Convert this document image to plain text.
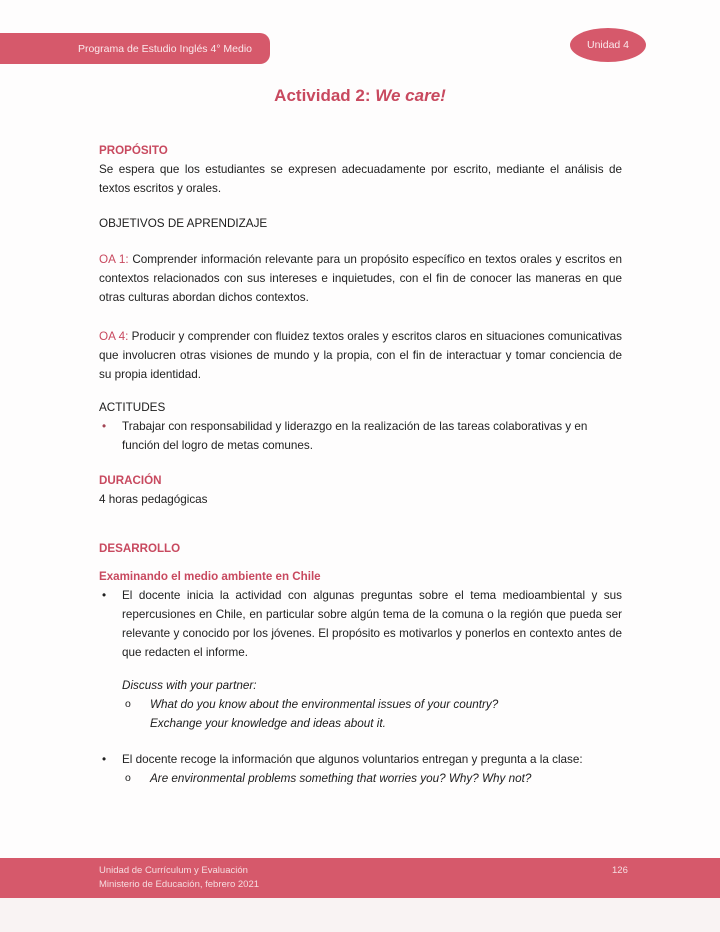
Programa de Estudio Inglés 4° Medio	Unidad 4
Actividad 2: We care!
PROPÓSITO

Se espera que los estudiantes se expresen adecuadamente por escrito, mediante el análisis de textos escritos y orales.

OBJETIVOS DE APRENDIZAJE

OA 1: Comprender información relevante para un propósito específico en textos orales y escritos en contextos relacionados con sus intereses e inquietudes, con el fin de conocer las maneras en que otras culturas abordan dichos contextos.

OA 4: Producir y comprender con fluidez textos orales y escritos claros en situaciones comunicativas que involucren otras visiones de mundo y la propia, con el fin de interactuar y tomar conciencia de su propia identidad.

ACTITUDES
• Trabajar con responsabilidad y liderazgo en la realización de las tareas colaborativas y en función del logro de metas comunes.
DURACIÓN
4 horas pedagógicas
DESARROLLO
Examinando el medio ambiente en Chile
• El docente inicia la actividad con algunas preguntas sobre el tema medioambiental y sus repercusiones en Chile, en particular sobre algún tema de la comuna o la región que pueda ser relevante y conocido por los jóvenes. El propósito es motivarlos y ponerlos en contexto antes de que redacten el informe.
Discuss with your partner:
o What do you know about the environmental issues of your country?
Exchange your knowledge and ideas about it.
• El docente recoge la información que algunos voluntarios entregan y pregunta a la clase:
o Are environmental problems something that worries you? Why? Why not?
Unidad de Currículum y Evaluación
Ministerio de Educación, febrero 2021
126
